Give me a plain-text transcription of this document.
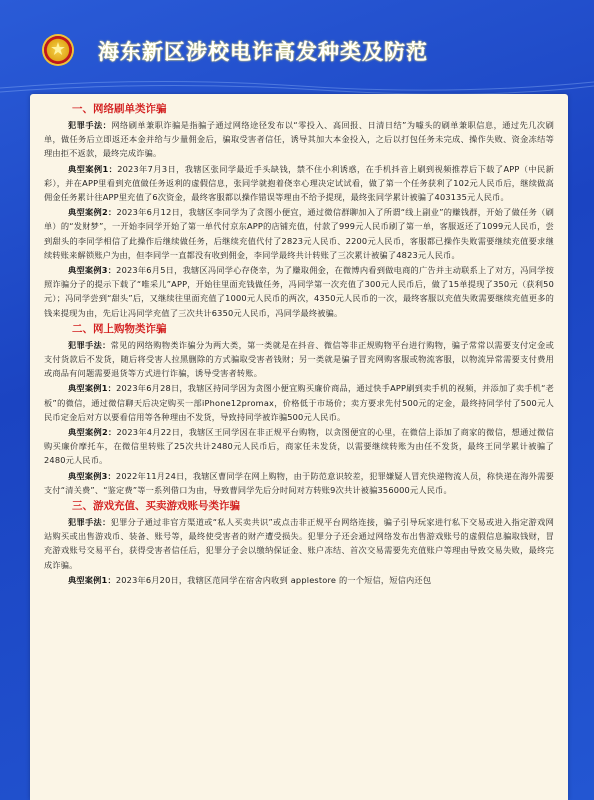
海东新区涉校电诈高发种类及防范
一、网络刷单类诈骗

犯罪手法：网络刷单兼职诈骗是指骗子通过网络途径发布以“零投入、高回报、日清日结”为噱头的刷单兼职信息，通过先几次刷单，做任务后立即返还本金并给与少量佣金后，骗取受害者信任，诱导其加大本金投入，之后以打包任务未完成、操作失败、资金冻结等理由拒不返款，最终完成诈骗。

典型案例1：2023年7月3日，我辖区张同学最近手头缺钱，禁不住小利诱惑，在手机抖音上刷到视频推荐后下载了APP（中民新彩），并在APP里看到充值做任务返利的虚假信息，张同学就抱着侥幸心理决定试试看，做了第一个任务获利了102元人民币后，继续做高佣金任务累计往APP里充值了6次资金，最终客服都以操作错误等理由不给予提现，最终张同学累计被骗了403135元人民币。

典型案例2：2023年6月12日，我辖区李同学为了贪图小便宜，通过微信群聊加入了所谓“线上副业”的赚钱群，开始了做任务（刷单）的“发财梦”，一开始李同学开始了第一单代付京东APP的店铺充值，付款了999元人民币刷了第一单，客服返还了1099元人民币，尝到甜头的李同学相信了此操作后继续做任务，后继续充值代付了2823元人民币、2200元人民币，客服都已操作失败需要继续充值要求继续转账来解锁账户为由，但李同学一直都没有收到佣金，李同学最终共计转账了三次累计被骗了4823元人民币。

典型案例3：2023年6月5日，我辖区冯同学心存侥幸，为了赚取佣金，在微博内看到做电商的广告并主动联系上了对方，冯同学按照诈骗分子的提示下载了“唯采儿”APP，开始往里面充钱做任务，冯同学第一次充值了300元人民币后，做了15单提现了350元（获利50元）；冯同学尝到“甜头”后，又继续往里面充值了1000元人民币的两次，4350元人民币的一次，最终客服以充值失败需要继续充值更多的钱来提现为由，先后让冯同学充值了三次共计6350元人民币，冯同学最终被骗。

二、网上购物类诈骗

犯罪手法：常见的网络购物类诈骗分为两大类，第一类就是在抖音、微信等非正规购物平台进行购物，骗子常常以需要支付定金或支付货款后不发货，随后将受害人拉黑删除的方式骗取受害者钱财；另一类就是骗子冒充网购客服或物流客服，以物流异常需要支付费用或商品有问题需要退货等方式进行诈骗，诱导受害者转账。

典型案例1：2023年6月28日，我辖区持同学因为贪图小便宜购买廉价商品，通过快手APP刷到卖手机的视频，并添加了卖手机“老板”的微信，通过微信聊天后决定购买一部iPhone12promax，价格低于市场价；卖方要求先付500元的定金，最终持同学付了500元人民币定金后对方以要看信用等各种理由不发货，导致持同学被诈骗500元人民币。

典型案例2：2023年4月22日，我辖区王同学因在非正规平台购物，以贪图便宜的心里，在微信上添加了商家的微信，想通过微信购买廉价摩托车，在微信里转账了25次共计2480元人民币后，商家任未发货，以需要继续转账为由任不发货，最终王同学累计被骗了2480元人民币。

典型案例3：2022年11月24日，我辖区曹同学在网上购物，由于防范意识较差，犯罪嫌疑人冒充快递物流人员，称快递在海外需要支付“清关费”、“鉴定费”等一系列借口为由，导致曹同学先后分时间对方转账9次共计被骗356000元人民币。

三、游戏充值、买卖游戏账号类诈骗

犯罪手法：犯罪分子通过非官方渠道或“私人买卖共识”或点击非正规平台网络连接，骗子引导玩家进行私下交易或进入指定游戏网站购买或出售游戏币、装备、账号等，最终使受害者的财产遭受损失。犯罪分子还会通过网络发布出售游戏账号的虚假信息骗取钱财，冒充游戏账号交易平台，获得受害者信任后，犯罪分子会以缴纳保证金、账户冻结、首次交易需要先充值账户等理由导致交易失败，最终完成诈骗。

典型案例1：2023年6月20日，我辖区范同学在宿舍内收到 applestore 的一个短信，短信内还包
